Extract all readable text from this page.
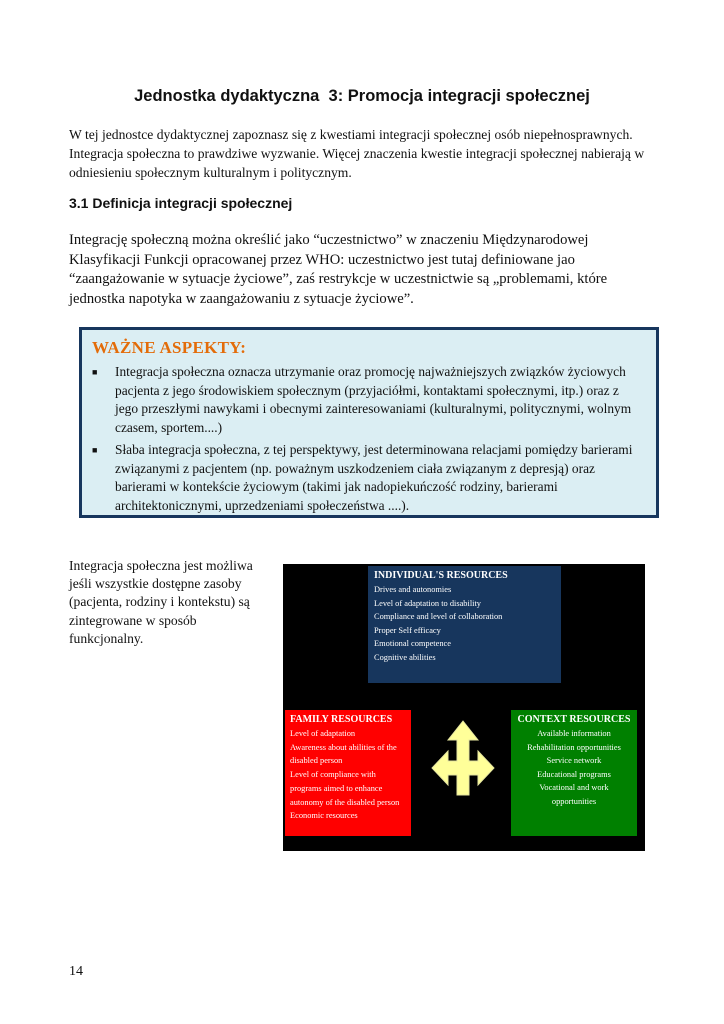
Jednostka dydaktyczna  3: Promocja integracji społecznej
W tej jednostce dydaktycznej zapoznasz się z kwestiami integracji społecznej osób niepełnosprawnych.
Integracja społeczna to prawdziwe wyzwanie. Więcej znaczenia kwestie integracji społecznej nabierają w
odniesieniu społecznym kulturalnym i politycznym.
3.1 Definicja integracji społecznej
Integrację społeczną można określić jako “uczestnictwo” w znaczeniu Międzynarodowej
Klasyfikacji Funkcji opracowanej przez WHO: uczestnictwo jest tutaj definiowane jao
“zaangażowanie w sytuacje życiowe”, zaś restrykcje w uczestnictwie są „problemami, które
jednostka napotyka w zaangażowaniu z sytuacje życiowe”.
WAŻNE ASPEKTY:
■ Integracja społeczna oznacza utrzymanie oraz promocję najważniejszych związków życiowych
pacjenta z jego środowiskiem społecznym (przyjaciółmi, kontaktami społecznymi, itp.) oraz z
jego przeszłymi nawykami i obecnymi zainteresowaniami (kulturalnymi, politycznymi, wolnym
czasem, sportem....)
■ Słaba integracja społeczna, z tej perspektywy, jest determinowana relacjami pomiędzy barierami
związanymi z pacjentem (np. poważnym uszkodzeniem ciała związanym z depresją) oraz
barierami w kontekście życiowym (takimi jak nadopiekuńczość rodziny, barierami
architektonicznymi, uprzedzeniami społeczeństwa ....).
Integracja społeczna jest możliwa
jeśli wszystkie dostępne zasoby
(pacjenta, rodziny i kontekstu) są
zintegrowane w sposób
funkcjonalny.
INDIVIDUAL'S RESOURCES
Drives and autonomies
Level of adaptation to disability
Compliance and level of collaboration
Proper Self efficacy
Emotional competence
Cognitive abilities
FAMILY RESOURCES
Level of adaptation
Awareness about abilities of the
disabled person
Level of compliance with
programs aimed to enhance
autonomy of the disabled person
Economic resources
CONTEXT RESOURCES
Available information
Rehabilitation opportunities
Service network
Educational programs
Vocational and work
opportunities
14
